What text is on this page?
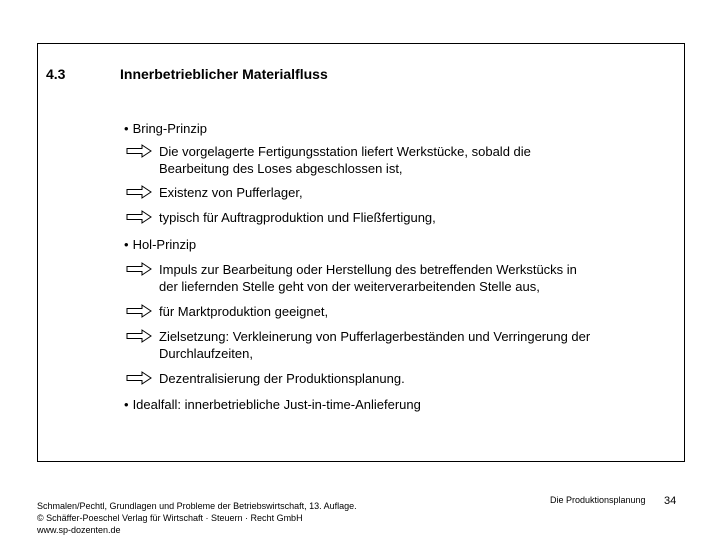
4.3	Innerbetrieblicher Materialfluss
• Bring-Prinzip
Die vorgelagerte Fertigungsstation liefert Werkstücke, sobald die
Bearbeitung des Loses abgeschlossen ist,
Existenz von Pufferlager,
typisch für Auftragproduktion und Fließfertigung,
• Hol-Prinzip
Impuls zur Bearbeitung oder Herstellung des betreffenden Werkstücks in
der liefernden Stelle geht von der weiterverarbeitenden Stelle aus,
für Marktproduktion geeignet,
Zielsetzung: Verkleinerung von Pufferlagerbeständen und Verringerung der
Durchlaufzeiten,
Dezentralisierung der Produktionsplanung.
• Idealfall: innerbetriebliche Just-in-time-Anlieferung
Schmalen/Pechtl, Grundlagen und Probleme der Betriebswirtschaft, 13. Auflage.
© Schäffer-Poeschel Verlag für Wirtschaft · Steuern · Recht GmbH
www.sp-dozenten.de
Die Produktionsplanung 34
